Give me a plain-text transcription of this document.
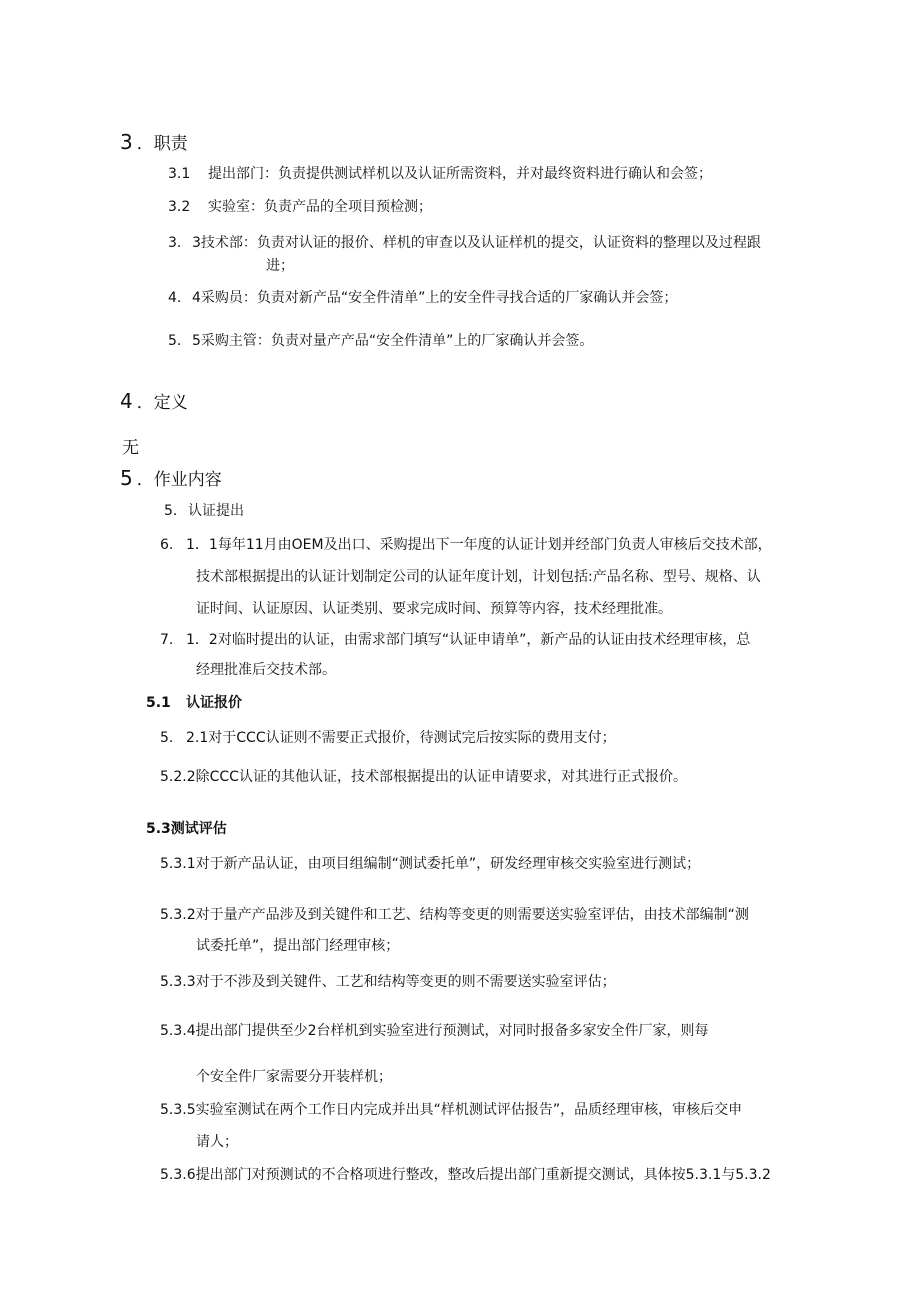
3 ．职责
3.1 提出部门：负责提供测试样机以及认证所需资料，并对最终资料进行确认和会签；
3.2 实验室：负责产品的全项目预检测；
3. 3技术部：负责对认证的报价、样机的审查以及认证样机的提交，认证资料的整理以及过程跟
进；
4. 4采购员：负责对新产品“安全件清单”上的安全件寻找合适的厂家确认并会签；
5. 5采购主管：负责对量产产品“安全件清单”上的厂家确认并会签。
4 ．定义
无
5 ．作业内容
5. 认证提出
6. 1．1每年11月由OEM及出口、采购提出下一年度的认证计划并经部门负责人审核后交技术部，
技术部根据提出的认证计划制定公司的认证年度计划，计划包括:产品名称、型号、规格、认
证时间、认证原因、认证类别、要求完成时间、预算等内容，技术经理批准。
7. 1．2对临时提出的认证，由需求部门填写“认证申请单”，新产品的认证由技术经理审核，总
经理批准后交技术部。
5.1 认证报价
5. 2.1对于CCC认证则不需要正式报价，待测试完后按实际的费用支付；
5.2.2除CCC认证的其他认证，技术部根据提出的认证申请要求，对其进行正式报价。
5.3测试评估
5.3.1对于新产品认证，由项目组编制“测试委托单”，研发经理审核交实验室进行测试；
5.3.2对于量产产品涉及到关键件和工艺、结构等变更的则需要送实验室评估，由技术部编制“测
试委托单”，提出部门经理审核；
5.3.3对于不涉及到关键件、工艺和结构等变更的则不需要送实验室评估；
5.3.4提出部门提供至少2台样机到实验室进行预测试，对同时报备多家安全件厂家，则每
个安全件厂家需要分开装样机；
5.3.5实验室测试在两个工作日内完成并出具“样机测试评估报告”，品质经理审核，审核后交申
请人；
5.3.6提出部门对预测试的不合格项进行整改，整改后提出部门重新提交测试，具体按5.3.1与5.3.2
